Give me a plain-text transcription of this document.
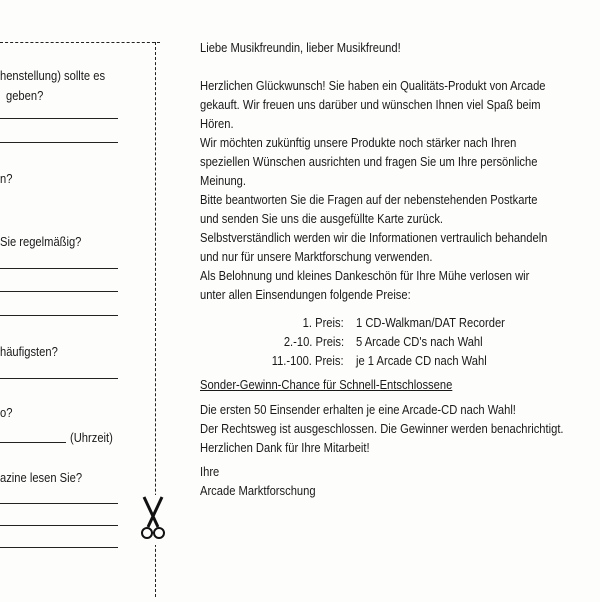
henstellung) sollte es
geben?
n?
Sie regelmäßig?
häufigsten?
o?
(Uhrzeit)
azine lesen Sie?
Liebe Musikfreundin, lieber Musikfreund!
Herzlichen Glückwunsch! Sie haben ein Qualitäts-Produkt von Arcade
gekauft. Wir freuen uns darüber und wünschen Ihnen viel Spaß beim
Hören.
Wir möchten zukünftig unsere Produkte noch stärker nach Ihren
speziellen Wünschen ausrichten und fragen Sie um Ihre persönliche
Meinung.
Bitte beantworten Sie die Fragen auf der nebenstehenden Postkarte
und senden Sie uns die ausgefüllte Karte zurück.
Selbstverständlich werden wir die Informationen vertraulich behandeln
und nur für unsere Marktforschung verwenden.
Als Belohnung und kleines Dankeschön für Ihre Mühe verlosen wir
unter allen Einsendungen folgende Preise:
1. Preis: 1 CD-Walkman/DAT Recorder
2.-10. Preis: 5 Arcade CD's nach Wahl
11.-100. Preis: je 1 Arcade CD nach Wahl
Sonder-Gewinn-Chance für Schnell-Entschlossene
Die ersten 50 Einsender erhalten je eine Arcade-CD nach Wahl!
Der Rechtsweg ist ausgeschlossen. Die Gewinner werden benachrichtigt.
Herzlichen Dank für Ihre Mitarbeit!
Ihre
Arcade Marktforschung
